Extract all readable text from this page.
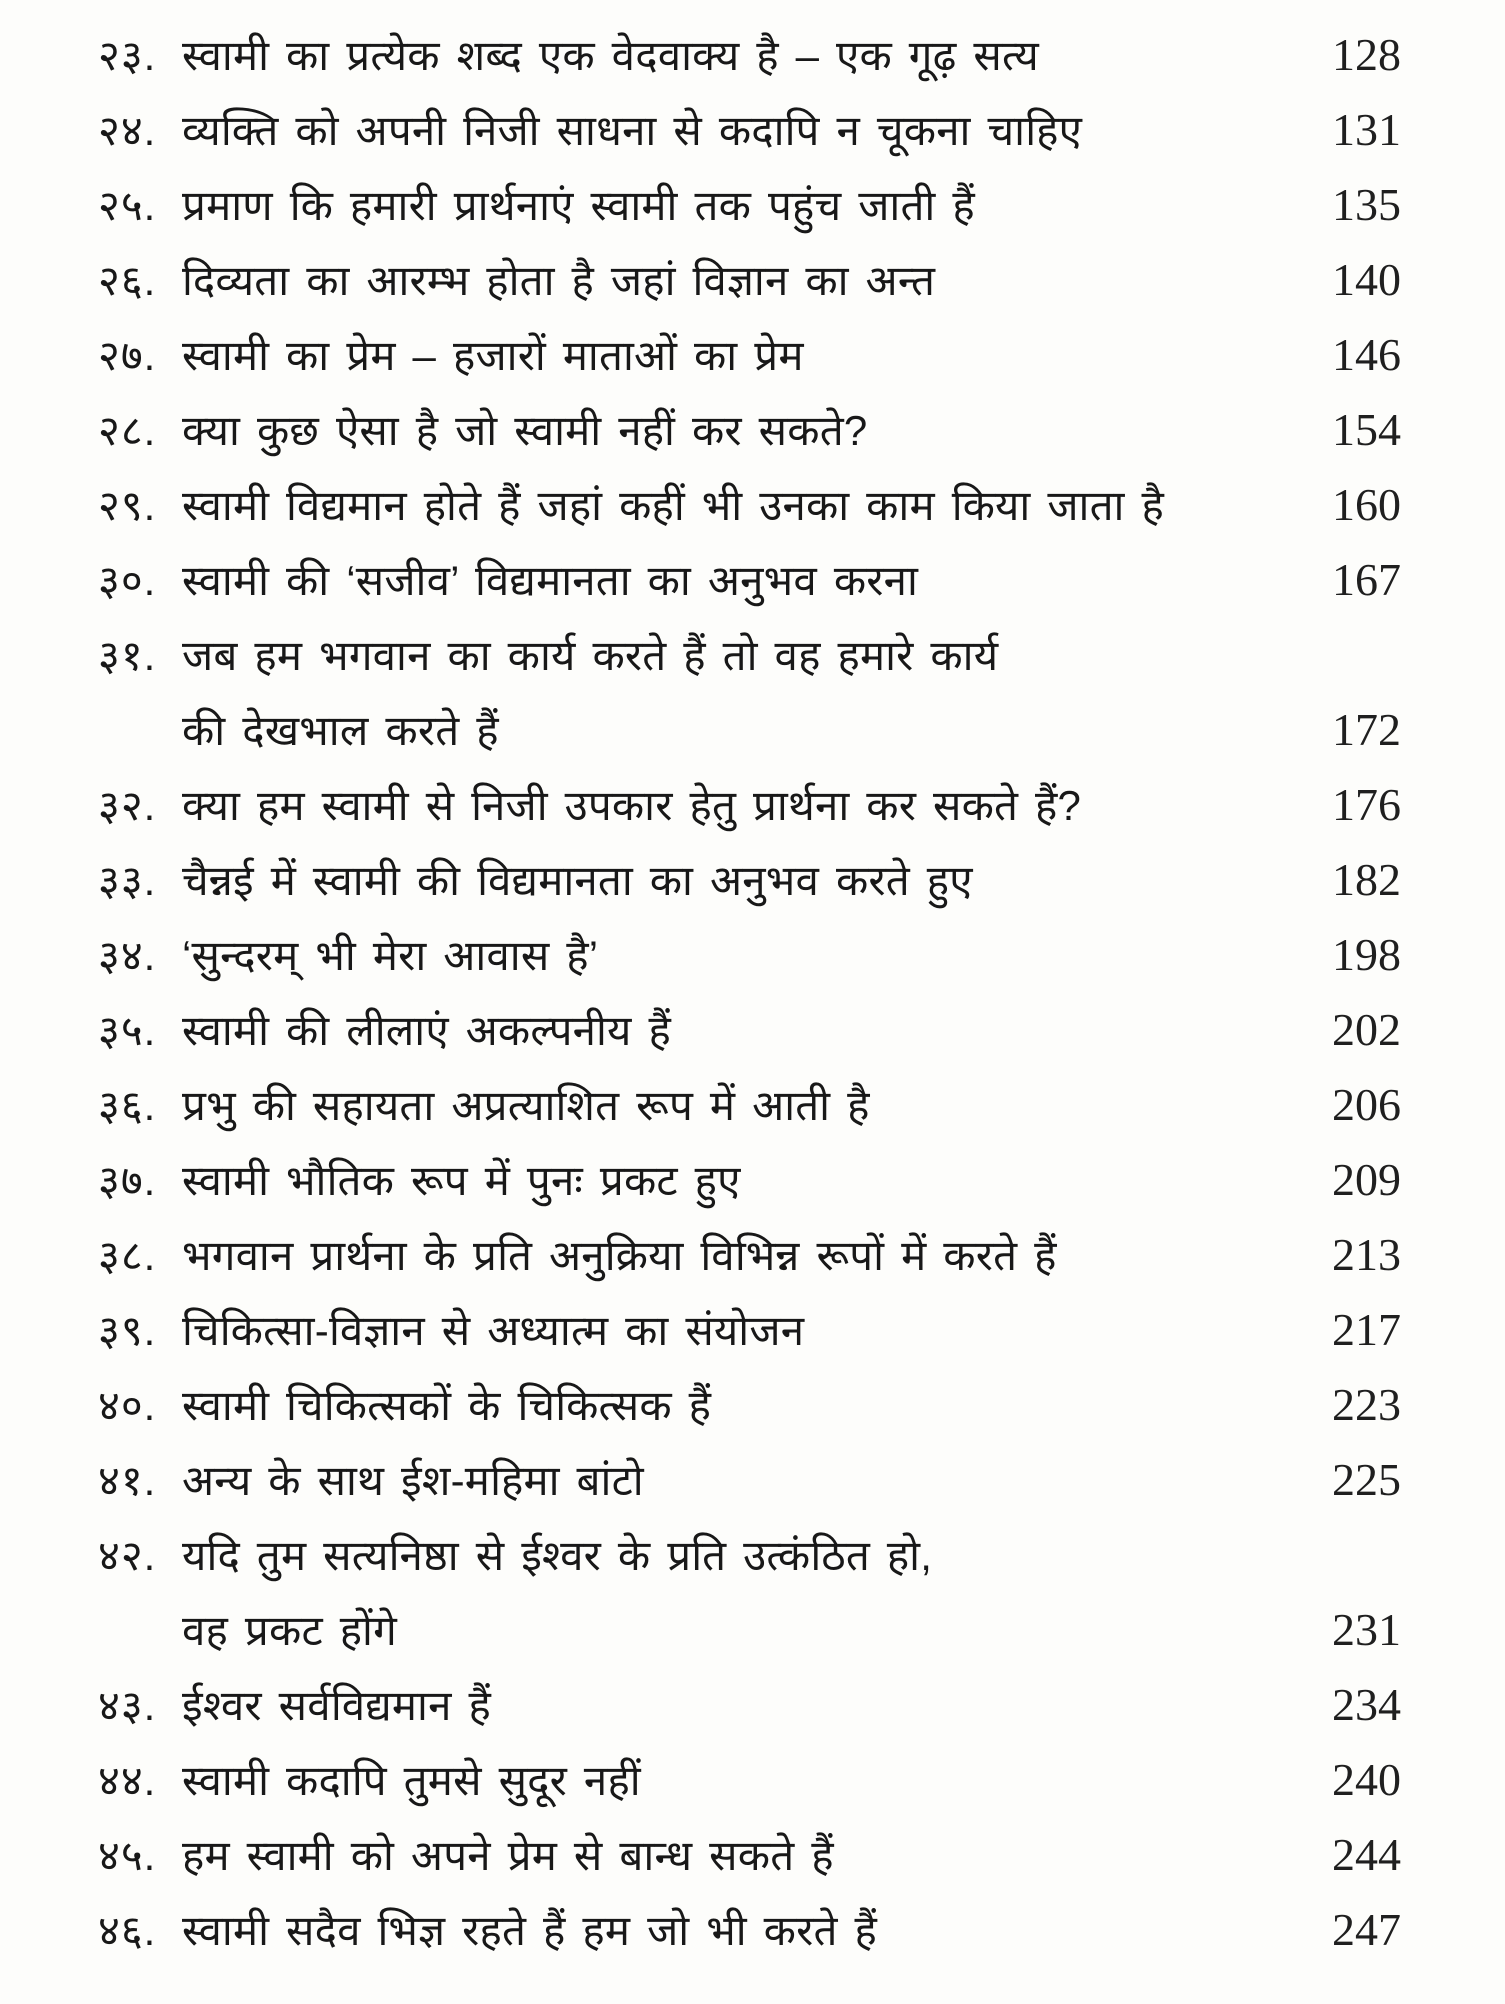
२३. स्वामी का प्रत्येक शब्द एक वेदवाक्य है – एक गूढ़ सत्य	128
२४. व्यक्ति को अपनी निजी साधना से कदापि न चूकना चाहिए	131
२५. प्रमाण कि हमारी प्रार्थनाएं स्वामी तक पहुंच जाती हैं	135
२६. दिव्यता का आरम्भ होता है जहां विज्ञान का अन्त	140
२७. स्वामी का प्रेम – हजारों माताओं का प्रेम	146
२८. क्या कुछ ऐसा है जो स्वामी नहीं कर सकते?	154
२९. स्वामी विद्यमान होते हैं जहां कहीं भी उनका काम किया जाता है	160
३०. स्वामी की ‘सजीव’ विद्यमानता का अनुभव करना	167
३१. जब हम भगवान का कार्य करते हैं तो वह हमारे कार्य
की देखभाल करते हैं	172
३२. क्या हम स्वामी से निजी उपकार हेतु प्रार्थना कर सकते हैं?	176
३३. चैन्नई में स्वामी की विद्यमानता का अनुभव करते हुए	182
३४. ‘सुन्दरम् भी मेरा आवास है’	198
३५. स्वामी की लीलाएं अकल्पनीय हैं	202
३६. प्रभु की सहायता अप्रत्याशित रूप में आती है	206
३७. स्वामी भौतिक रूप में पुनः प्रकट हुए	209
३८. भगवान प्रार्थना के प्रति अनुक्रिया विभिन्न रूपों में करते हैं	213
३९. चिकित्सा-विज्ञान से अध्यात्म का संयोजन	217
४०. स्वामी चिकित्सकों के चिकित्सक हैं	223
४१. अन्य के साथ ईश-महिमा बांटो	225
४२. यदि तुम सत्यनिष्ठा से ईश्वर के प्रति उत्कंठित हो,
वह प्रकट होंगे	231
४३. ईश्वर सर्वविद्यमान हैं	234
४४. स्वामी कदापि तुमसे सुदूर नहीं	240
४५. हम स्वामी को अपने प्रेम से बान्ध सकते हैं	244
४६. स्वामी सदैव भिज्ञ रहते हैं हम जो भी करते हैं	247
